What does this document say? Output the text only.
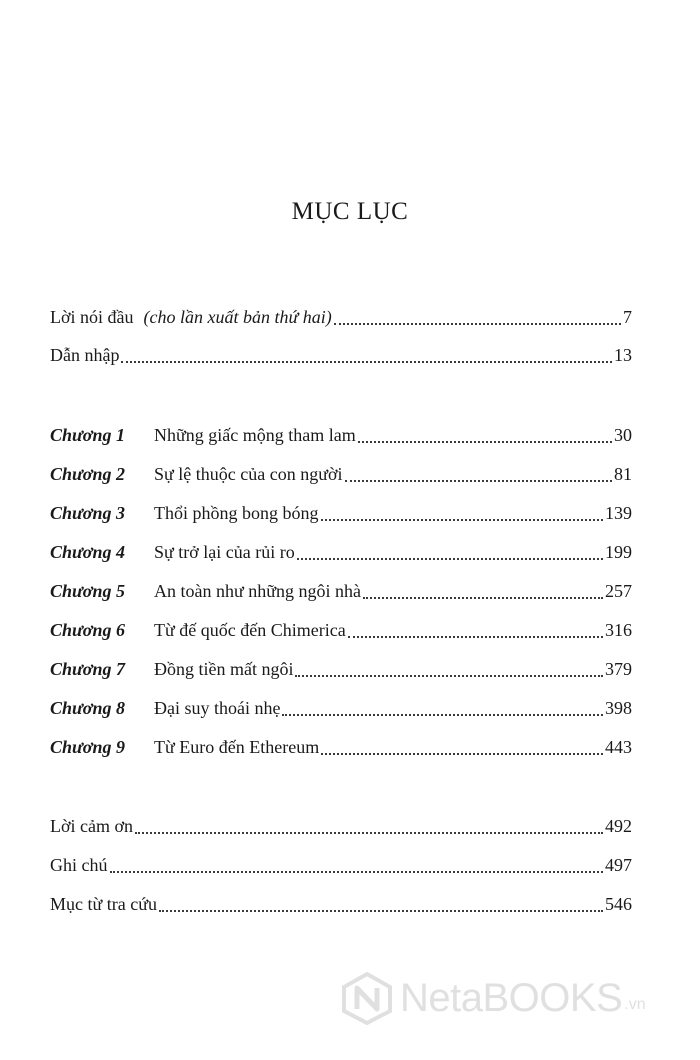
MỤC LỤC
Lời nói đầu (cho lần xuất bản thứ hai)	7
Dẫn nhập	13
Chương 1	Những giấc mộng tham lam	30
Chương 2	Sự lệ thuộc của con người	81
Chương 3	Thổi phồng bong bóng	139
Chương 4	Sự trở lại của rủi ro	199
Chương 5	An toàn như những ngôi nhà	257
Chương 6	Từ đế quốc đến Chimerica	316
Chương 7	Đồng tiền mất ngôi	379
Chương 8	Đại suy thoái nhẹ	398
Chương 9	Từ Euro đến Ethereum	443
Lời cảm ơn	492
Ghi chú	497
Mục từ tra cứu	546
NetaBOOKS .vn
